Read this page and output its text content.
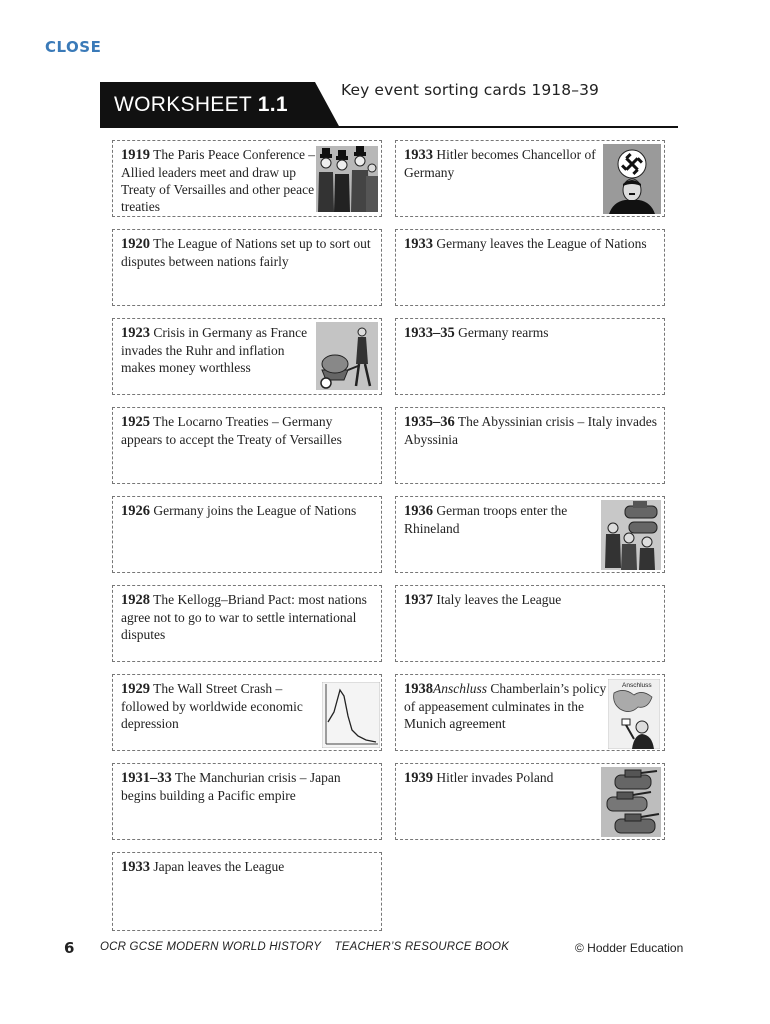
CLOSE
WORKSHEET 1.1
Key event sorting cards 1918–39
1919 The Paris Peace Conference – Allied leaders meet and draw up Treaty of Versailles and other peace treaties
1920 The League of Nations set up to sort out disputes between nations fairly
1923 Crisis in Germany as France invades the Ruhr and inflation makes money worthless
1925 The Locarno Treaties – Germany appears to accept the Treaty of Versailles
1926 Germany joins the League of Nations
1928 The Kellogg–Briand Pact: most nations agree not to go to war to settle international disputes
1929 The Wall Street Crash – followed by worldwide economic depression
1931–33 The Manchurian crisis – Japan begins building a Pacific empire
1933 Japan leaves the League
1933 Hitler becomes Chancellor of Germany
1933 Germany leaves the League of Nations
1933–35 Germany rearms
1935–36 The Abyssinian crisis – Italy invades Abyssinia
1936 German troops enter the Rhineland
1937 Italy leaves the League
1938Anschluss Chamberlain’s policy of appeasement culminates in the Munich agreement
Anschluss
1939 Hitler invades Poland
6 OCR GCSE MODERN WORLD HISTORY    TEACHER’S RESOURCE BOOK	© Hodder Education
